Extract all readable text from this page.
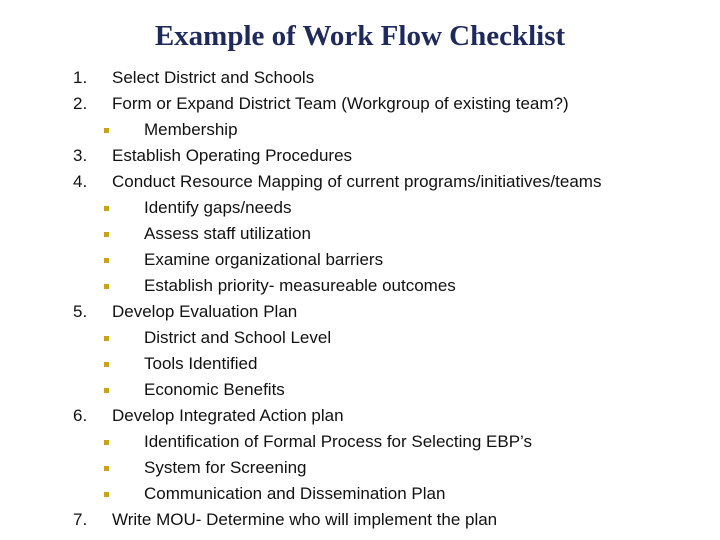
Example of Work Flow Checklist
1. Select District and Schools
2. Form or Expand District Team (Workgroup of existing team?)
Membership
3. Establish Operating Procedures
4. Conduct Resource Mapping of current programs/initiatives/teams
Identify gaps/needs
Assess staff utilization
Examine organizational barriers
Establish priority- measureable outcomes
5. Develop Evaluation Plan
District and School Level
Tools Identified
Economic Benefits
6. Develop Integrated Action plan
Identification of Formal Process for Selecting EBP’s
System for Screening
Communication and Dissemination Plan
7. Write MOU- Determine who will implement the plan
